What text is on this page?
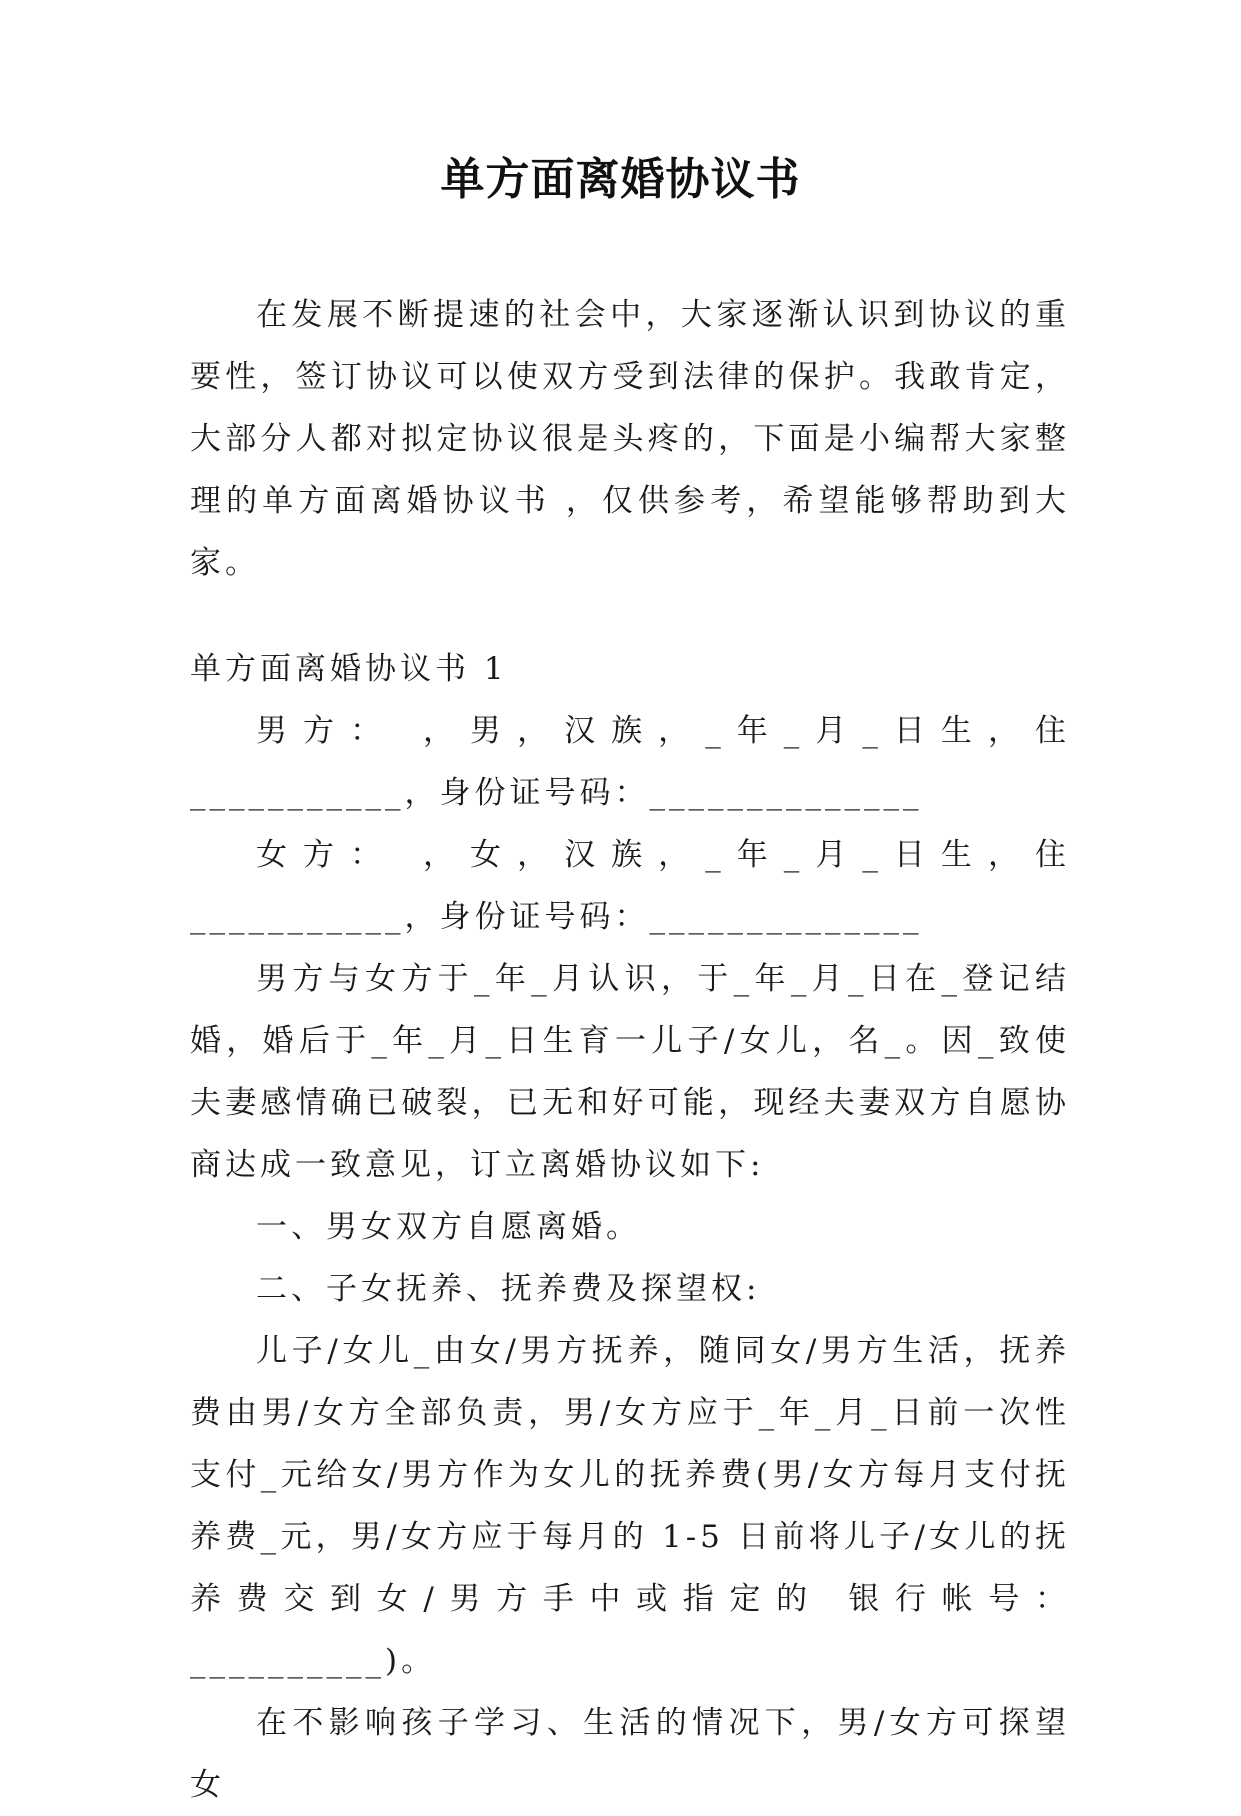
单方面离婚协议书

在发展不断提速的社会中，大家逐渐认识到协议的重要性，签订协议可以使双方受到法律的保护。我敢肯定，大部分人都对拟定协议很是头疼的，下面是小编帮大家整理的单方面离婚协议书 ，仅供参考，希望能够帮助到大家。

单方面离婚协议书 1

男方： ，男，汉族，_年_月_日生，住___________，身份证号码：______________

女方： ，女，汉族，_年_月_日生，住___________，身份证号码：______________

男方与女方于_年_月认识，于_年_月_日在_登记结婚，婚后于_年_月_日生育一儿子/女儿，名_。因_致使夫妻感情确已破裂，已无和好可能，现经夫妻双方自愿协商达成一致意见，订立离婚协议如下:

一、男女双方自愿离婚。

二、子女抚养、抚养费及探望权:

儿子/女儿_由女/男方抚养，随同女/男方生活，抚养费由男/女方全部负责，男/女方应于_年_月_日前一次性支付_元给女/男方作为女儿的抚养费(男/女方每月支付抚养费_元，男/女方应于每月的 1-5 日前将儿子/女儿的抚养费交到女/男方手中或指定的 银行帐号：__________)。

在不影响孩子学习、生活的情况下，男/女方可探望女
